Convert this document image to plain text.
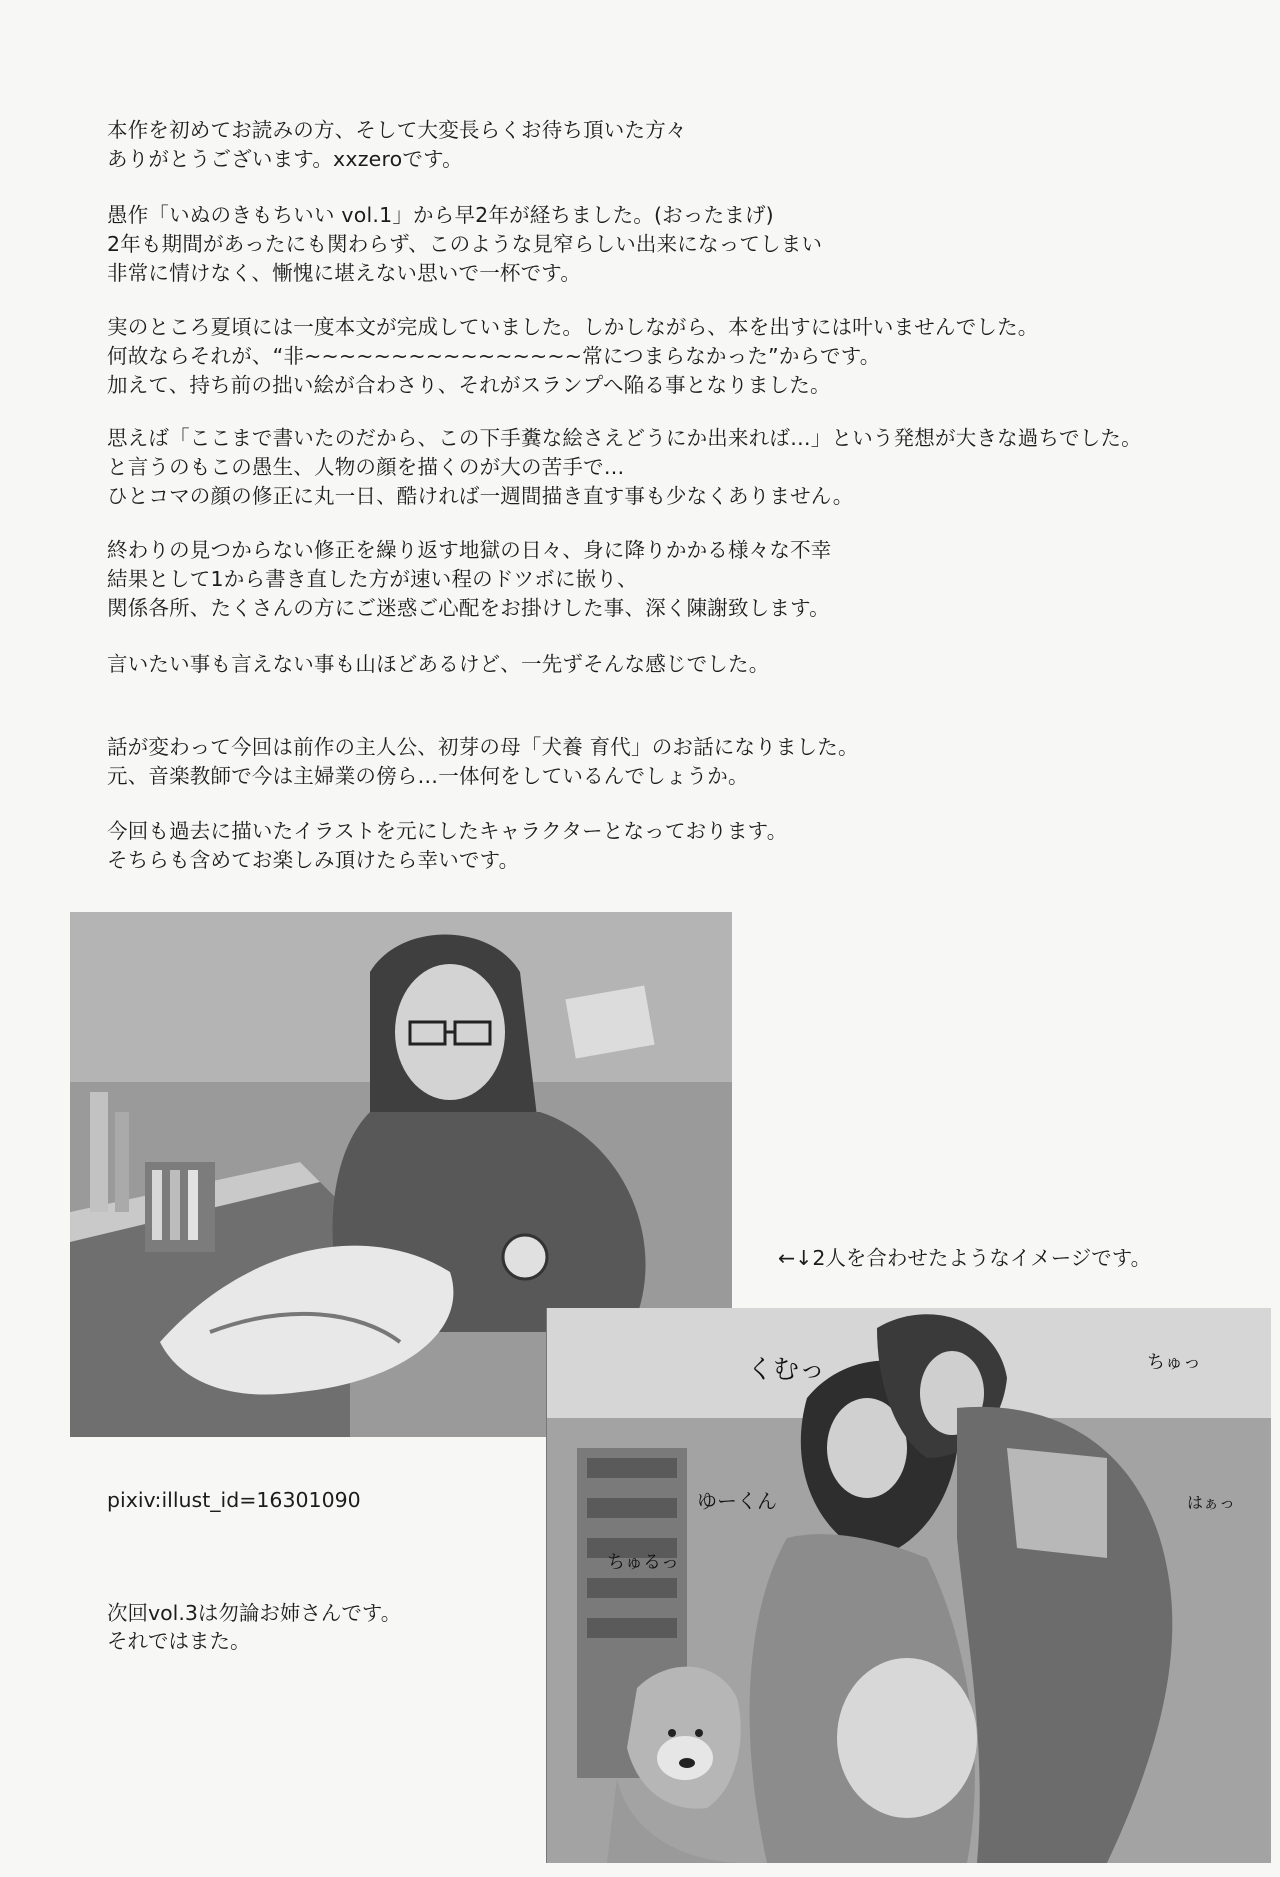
本作を初めてお読みの方、そして大変長らくお待ち頂いた方々
ありがとうございます。xxzeroです。
愚作「いぬのきもちいい vol.1」から早2年が経ちました。(おったまげ)
2年も期間があったにも関わらず、このような見窄らしい出来になってしまい
非常に情けなく、慚愧に堪えない思いで一杯です。
実のところ夏頃には一度本文が完成していました。しかしながら、本を出すには叶いませんでした。
何故ならそれが、“非~~~~~~~~~~~~~~~~常につまらなかった”からです。
加えて、持ち前の拙い絵が合わさり、それがスランプへ陥る事となりました。
思えば「ここまで書いたのだから、この下手糞な絵さえどうにか出来れば…」という発想が大きな過ちでした。
と言うのもこの愚生、人物の顔を描くのが大の苦手で…
ひとコマの顔の修正に丸一日、酷ければ一週間描き直す事も少なくありません。
終わりの見つからない修正を繰り返す地獄の日々、身に降りかかる様々な不幸
結果として1から書き直した方が速い程のドツボに嵌り、
関係各所、たくさんの方にご迷惑ご心配をお掛けした事、深く陳謝致します。
言いたい事も言えない事も山ほどあるけど、一先ずそんな感じでした。
話が変わって今回は前作の主人公、初芽の母「犬養 育代」のお話になりました。
元、音楽教師で今は主婦業の傍ら…一体何をしているんでしょうか。
今回も過去に描いたイラストを元にしたキャラクターとなっております。
そちらも含めてお楽しみ頂けたら幸いです。
←↓2人を合わせたようなイメージです。
くむっ
ゆーくん
ちゅるっ
ちゅっ
はぁっ
pixiv:illust_id=16301090
次回vol.3は勿論お姉さんです。
それではまた。
